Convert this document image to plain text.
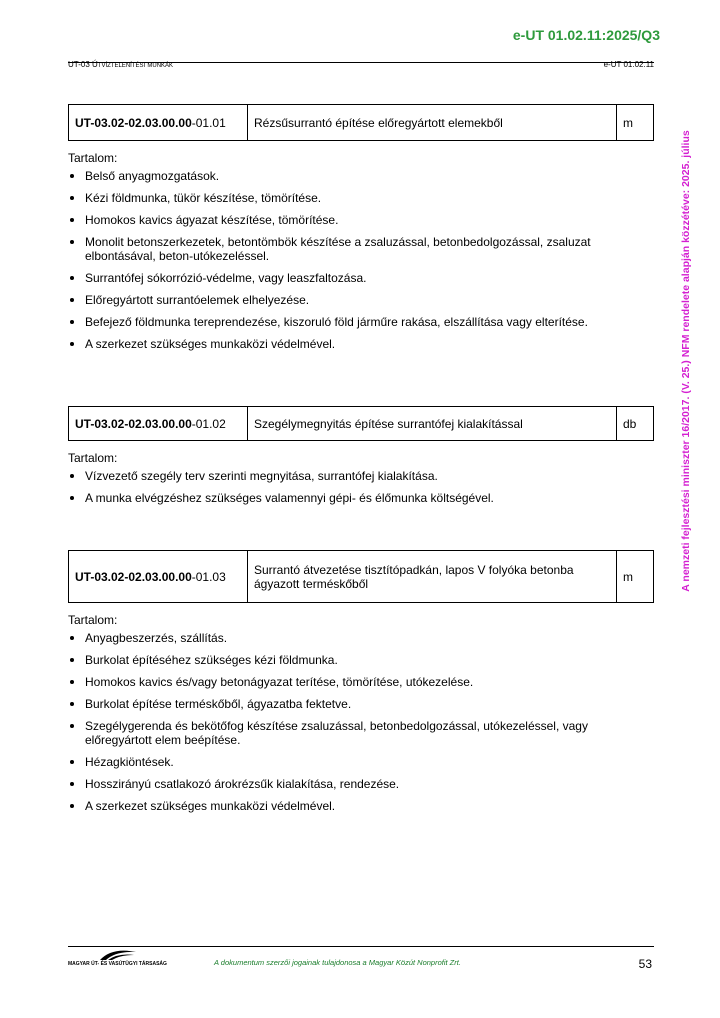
e-UT 01.02.11:2025/Q3
UT-03 Útvíztelenítési munkák	e-UT 01.02.11
A nemzeti fejlesztési miniszter 16/2017. (V. 25.) NFM rendelete alapján közzétéve: 2025. július
UT-03.02-02.03.00.00-01.01	Rézsűsurrantó építése előregyártott elemekből	m
Tartalom:
Belső anyagmozgatások.
Kézi földmunka, tükör készítése, tömörítése.
Homokos kavics ágyazat készítése, tömörítése.
Monolit betonszerkezetek, betontömbök készítése a zsaluzással, betonbedolgozással, zsaluzat elbontásával, beton-utókezeléssel.
Surrantófej sókorrózió-védelme, vagy leaszfaltozása.
Előregyártott surrantóelemek elhelyezése.
Befejező földmunka tereprendezése, kiszoruló föld járműre rakása, elszállítása vagy elterítése.
A szerkezet szükséges munkaközi védelmével.
UT-03.02-02.03.00.00-01.02	Szegélymegnyitás építése surrantófej kialakítással	db
Tartalom:
Vízvezető szegély terv szerinti megnyitása, surrantófej kialakítása.
A munka elvégzéshez szükséges valamennyi gépi- és élőmunka költségével.
UT-03.02-02.03.00.00-01.03	Surrantó átvezetése tisztítópadkán, lapos V folyóka betonba ágyazott terméskőből	m
Tartalom:
Anyagbeszerzés, szállítás.
Burkolat építéséhez szükséges kézi földmunka.
Homokos kavics és/vagy betonágyazat terítése, tömörítése, utókezelése.
Burkolat építése terméskőből, ágyazatba fektetve.
Szegélygerenda és bekötőfog készítése zsaluzással, betonbedolgozással, utókezeléssel, vagy előregyártott elem beépítése.
Hézagkiöntések.
Hosszirányú csatlakozó árokrézsűk kialakítása, rendezése.
A szerkezet szükséges munkaközi védelmével.
MAGYAR ÚT- ÉS VASÚTÜGYI TÁRSASÁG	A dokumentum szerzői jogainak tulajdonosa a Magyar Közút Nonprofit Zrt.	53
